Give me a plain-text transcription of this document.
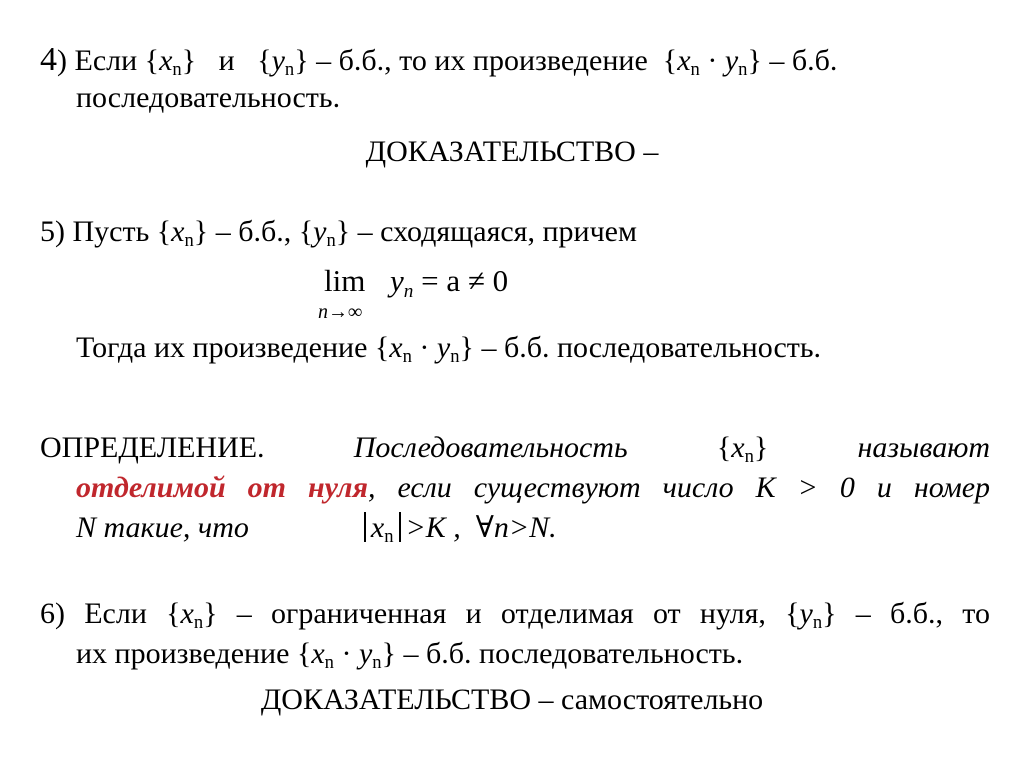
4) Если $\{x_n\}$   и   $\{y_n\} - б.б$., то их произведение  $\{x_n \cdot y_n\} - б.б$.
последовательность.
ДОКАЗАТЕЛЬСТВО –
5) Пусть $\{x_n\} - б.б$., $\{y_n\}$ – сходящаяся, причем
lim
n→∞
yn = a ≠ 0
Тогда их произведение $\{x_n \cdot y_n\} - б.б$. последовательность.
ОПРЕДЕЛЕНИЕ.	Последовательность	$\{x_n\}$	называют
отделимой от нуля, если существуют число K > 0 и номер
N такие, что	$x_n >K$ , ∀n>N.
6) Если $\{x_n\}$ – ограниченная и отделимая от нуля, $\{y_n\} - б.б$., то
их произведение $\{x_n \cdot y_n\} - б.б$. последовательность.
ДОКАЗАТЕЛЬСТВО – самостоятельно
